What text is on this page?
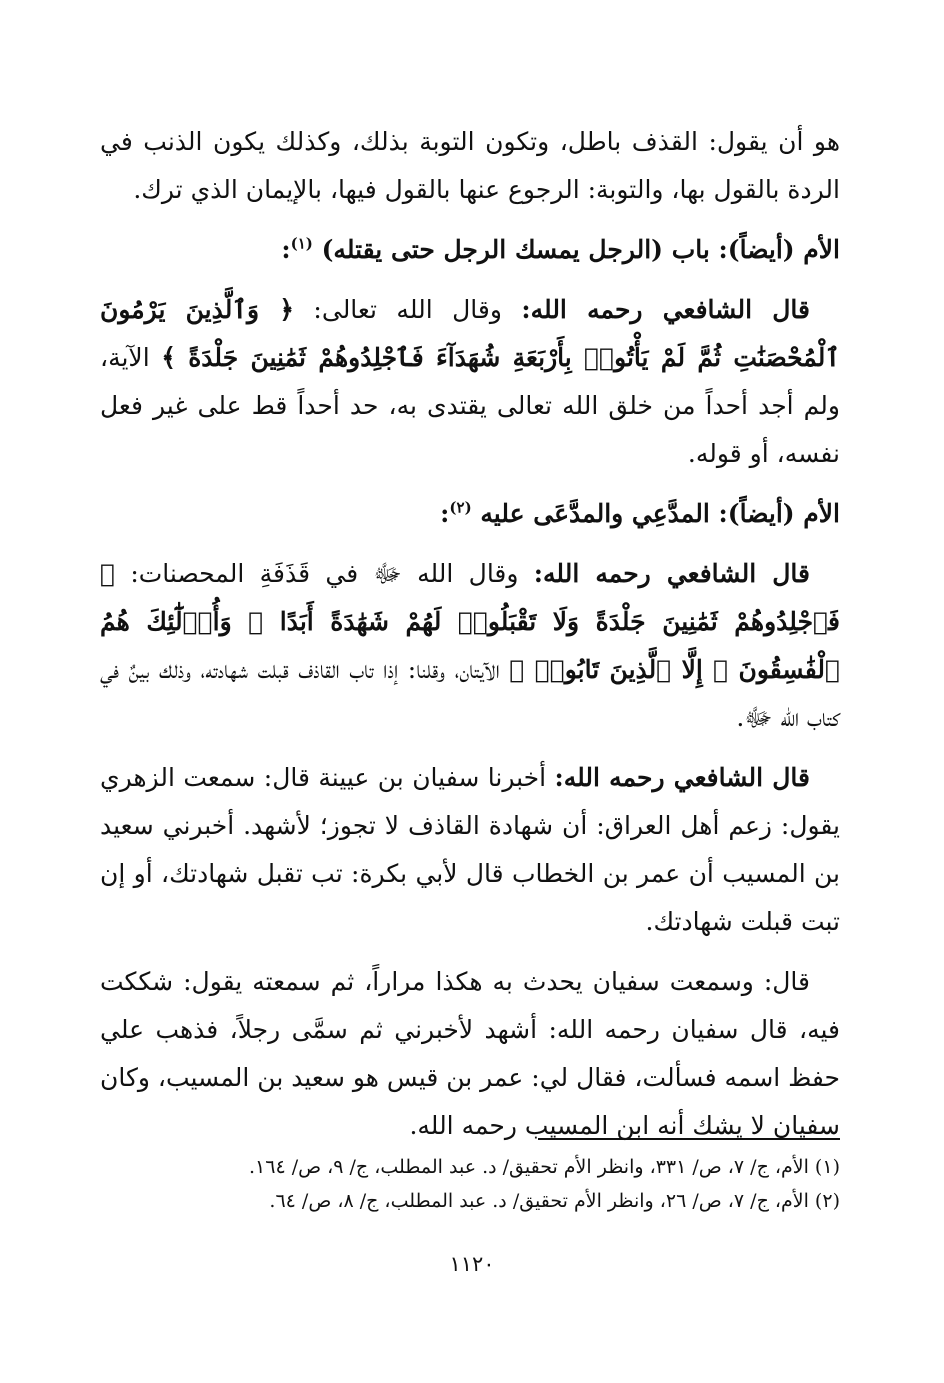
هو أن يقول: القذف باطل، وتكون التوبة بذلك، وكذلك يكون الذنب في الردة بالقول بها، والتوبة: الرجوع عنها بالقول فيها، بالإيمان الذي ترك.

الأم (أيضاً): باب (الرجل يمسك الرجل حتى يقتله) $^{(١)}$:

قال الشافعي رحمه الله: وقال الله تعالى: ﴿ وَٱلَّذِينَ يَرْمُونَ ٱلْمُحْصَنَٰتِ ثُمَّ لَمْ يَأْتُوا۟ بِأَرْبَعَةِ شُهَدَآءَ فَٱجْلِدُوهُمْ ثَمَٰنِينَ جَلْدَةً ﴾ الآية، ولم أجد أحداً من خلق الله تعالى يقتدى به، حد أحداً قط على غير فعل نفسه، أو قوله.

الأم (أيضاً): المدَّعِي والمدَّعَى عليه $^{(٢)}$:

قال الشافعي رحمه الله: وقال الله ﷻ في قَذَفَةِ المحصنات: ﴿ فَٱجْلِدُوهُمْ ثَمَٰنِينَ جَلْدَةً وَلَا تَقْبَلُوا۟ لَهُمْ شَهَٰدَةً أَبَدًا ۚ وَأُو۟لَٰٓئِكَ هُمُ ٱلْفَٰسِقُونَ ۞ إِلَّا ٱلَّذِينَ تَابُوا۟ ﴾ الآيتان، وقلنا: إذا تاب القاذف قبلت شهادته، وذلك بينٌ في كتاب الله ﷻ.

قال الشافعي رحمه الله: أخبرنا سفيان بن عيينة قال: سمعت الزهري يقول: زعم أهل العراق: أن شهادة القاذف لا تجوز؛ لأشهد. أخبرني سعيد بن المسيب أن عمر بن الخطاب قال لأبي بكرة: تب تقبل شهادتك، أو إن تبت قبلت شهادتك.

قال: وسمعت سفيان يحدث به هكذا مراراً، ثم سمعته يقول: شككت فيه، قال سفيان رحمه الله: أشهد لأخبرني ثم سمَّى رجلاً، فذهب علي حفظ اسمه فسألت، فقال لي: عمر بن قيس هو سعيد بن المسيب، وكان سفيان لا يشك أنه ابن المسيب رحمه الله.

(١) الأم، ج/ ٧، ص/ ٣٣١، وانظر الأم تحقيق/ د. عبد المطلب، ج/ ٩، ص/ ١٦٤.

(٢) الأم، ج/ ٧، ص/ ٢٦، وانظر الأم تحقيق/ د. عبد المطلب، ج/ ٨، ص/ ٦٤.

١١٢٠
